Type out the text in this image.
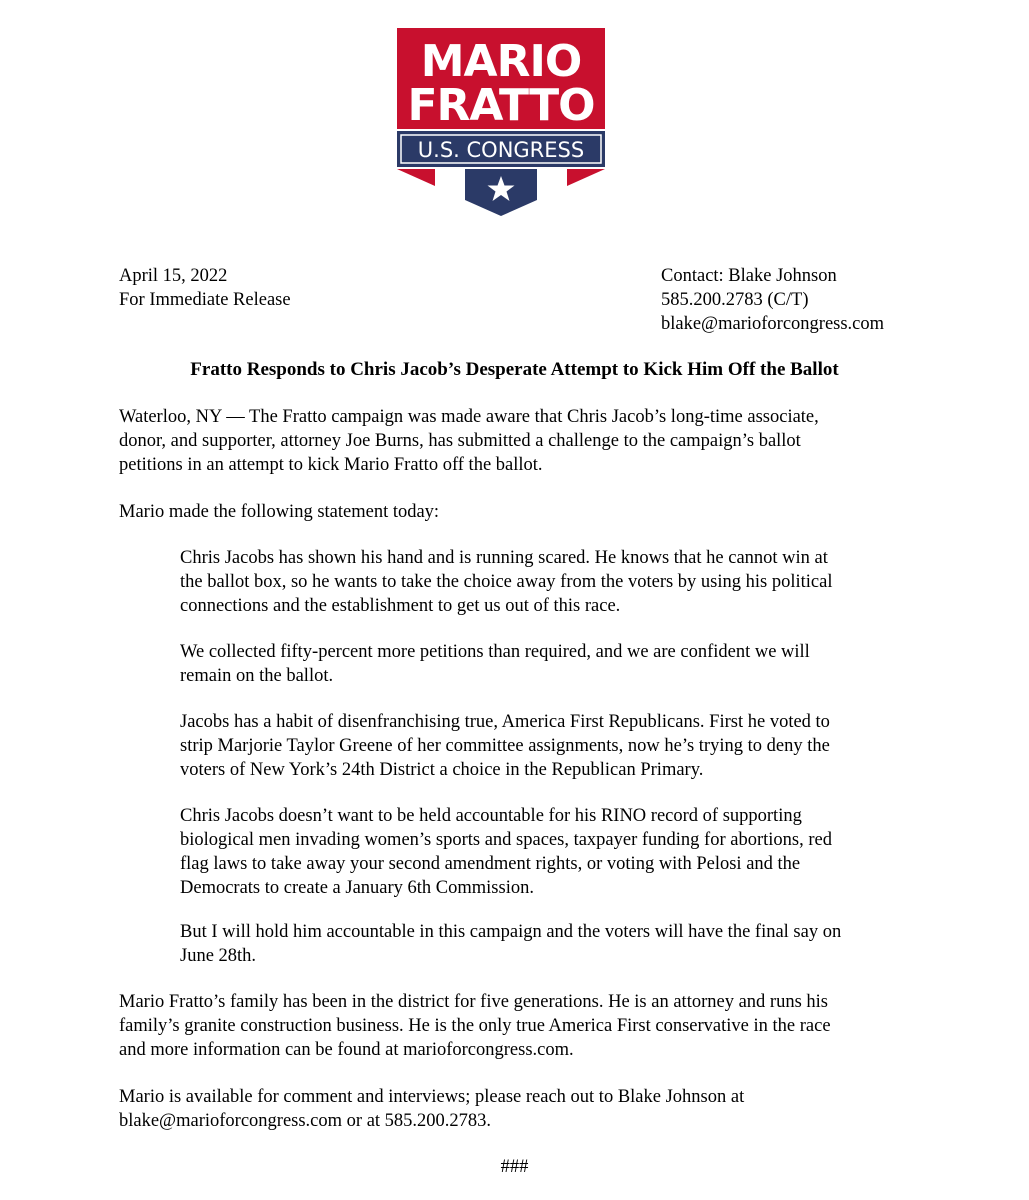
MARIO
FRATTO
U.S. CONGRESS
April 15, 2022
For Immediate Release
Contact: Blake Johnson
585.200.2783 (C/T)
blake@marioforcongress.com
Fratto Responds to Chris Jacob’s Desperate Attempt to Kick Him Off the Ballot

Waterloo, NY — The Fratto campaign was made aware that Chris Jacob’s long-time associate,
donor, and supporter, attorney Joe Burns, has submitted a challenge to the campaign’s ballot
petitions in an attempt to kick Mario Fratto off the ballot.

Mario made the following statement today:

Chris Jacobs has shown his hand and is running scared. He knows that he cannot win at
the ballot box, so he wants to take the choice away from the voters by using his political
connections and the establishment to get us out of this race.

We collected fifty-percent more petitions than required, and we are confident we will
remain on the ballot.

Jacobs has a habit of disenfranchising true, America First Republicans. First he voted to
strip Marjorie Taylor Greene of her committee assignments, now he’s trying to deny the
voters of New York’s 24th District a choice in the Republican Primary.

Chris Jacobs doesn’t want to be held accountable for his RINO record of supporting
biological men invading women’s sports and spaces, taxpayer funding for abortions, red
flag laws to take away your second amendment rights, or voting with Pelosi and the
Democrats to create a January 6th Commission.

But I will hold him accountable in this campaign and the voters will have the final say on
June 28th.

Mario Fratto’s family has been in the district for five generations. He is an attorney and runs his
family’s granite construction business. He is the only true America First conservative in the race
and more information can be found at marioforcongress.com.

Mario is available for comment and interviews; please reach out to Blake Johnson at
blake@marioforcongress.com or at 585.200.2783.

###
